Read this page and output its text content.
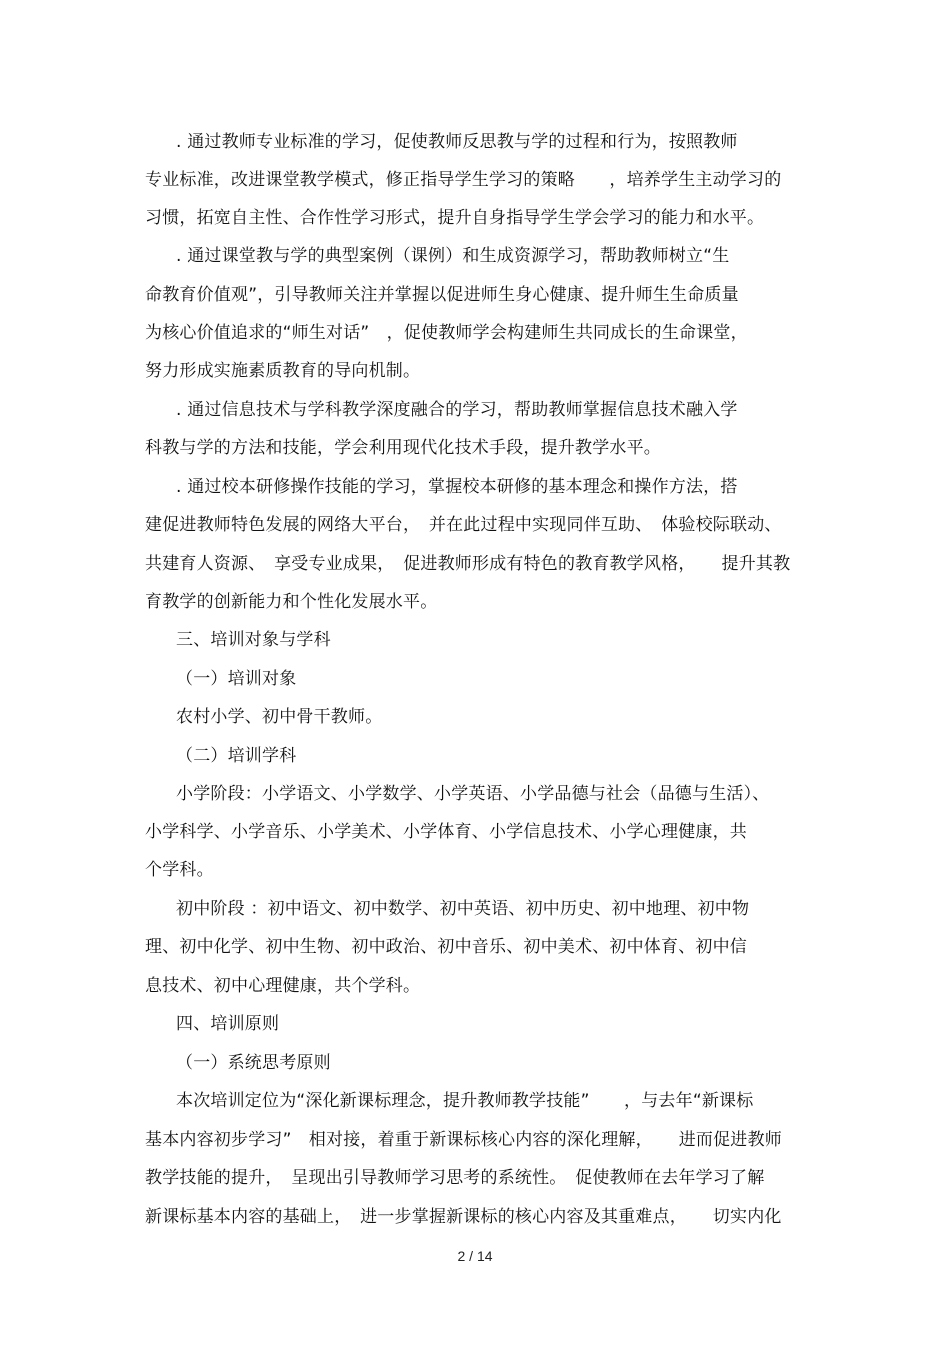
. 通过教师专业标准的学习，促使教师反思教与学的过程和行为，按照教师
专业标准，改进课堂教学模式，修正指导学生学习的策略　　，培养学生主动学习的
习惯，拓宽自主性、合作性学习形式，提升自身指导学生学会学习的能力和水平。
. 通过课堂教与学的典型案例（课例）和生成资源学习，帮助教师树立“生
命教育价值观”，引导教师关注并掌握以促进师生身心健康、提升师生生命质量
为核心价值追求的“师生对话”　，促使教师学会构建师生共同成长的生命课堂，
努力形成实施素质教育的导向机制。
. 通过信息技术与学科教学深度融合的学习，帮助教师掌握信息技术融入学
科教与学的方法和技能，学会利用现代化技术手段，提升教学水平。
. 通过校本研修操作技能的学习，掌握校本研修的基本理念和操作方法，搭
建促进教师特色发展的网络大平台，　并在此过程中实现同伴互助、　体验校际联动、
共建育人资源、　享受专业成果，　促进教师形成有特色的教育教学风格，　　提升其教
育教学的创新能力和个性化发展水平。
三、培训对象与学科
（一）培训对象
农村小学、初中骨干教师。
（二）培训学科
小学阶段：小学语文、小学数学、小学英语、小学品德与社会（品德与生活）、
小学科学、小学音乐、小学美术、小学体育、小学信息技术、小学心理健康，共
个学科。
初中阶段 ：初中语文、初中数学、初中英语、初中历史、初中地理、初中物
理、初中化学、初中生物、初中政治、初中音乐、初中美术、初中体育、初中信
息技术、初中心理健康，共个学科。
四、培训原则
（一）系统思考原则
本次培训定位为“深化新课标理念，提升教师教学技能”　　，与去年“新课标
基本内容初步学习”　相对接，着重于新课标核心内容的深化理解，　　进而促进教师
教学技能的提升，　呈现出引导教师学习思考的系统性。　促使教师在去年学习了解
新课标基本内容的基础上，　进一步掌握新课标的核心内容及其重难点，　　切实内化
2 / 14
